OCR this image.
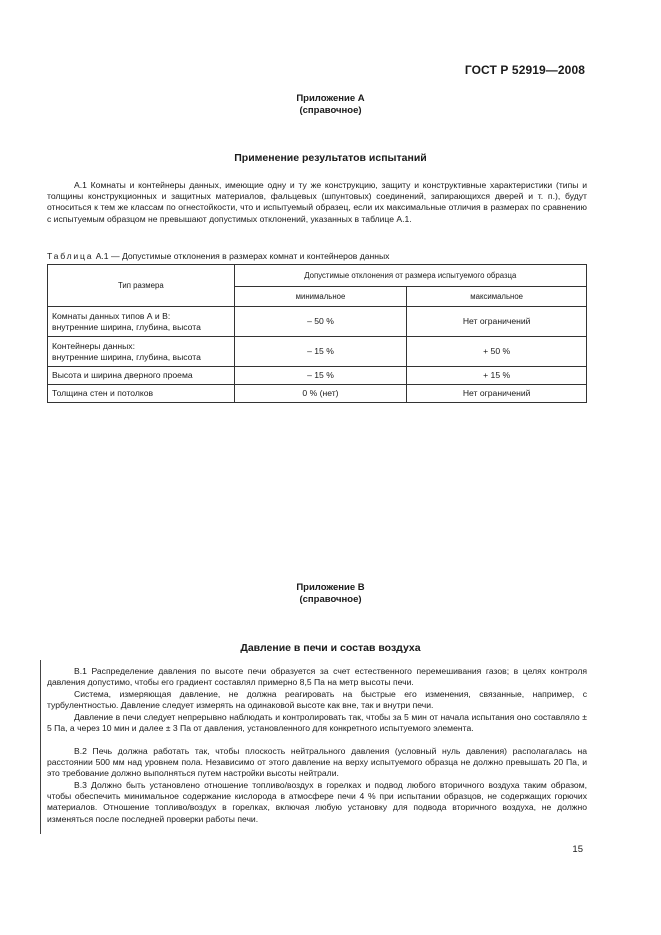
ГОСТ Р 52919—2008
Приложение А
(справочное)
Применение результатов испытаний

А.1 Комнаты и контейнеры данных, имеющие одну и ту же конструкцию, защиту и конструктивные характеристики (типы и толщины конструкционных и защитных материалов, фальцевых (шпунтовых) соединений, запирающихся дверей и т. п.), будут относиться к тем же классам по огнестойкости, что и испытуемый образец, если их максимальные отличия в размерах по сравнению с испытуемым образцом не превышают допустимых отклонений, указанных в таблице А.1.

Таблица А.1 — Допустимые отклонения в размерах комнат и контейнеров данных
Тип размера	Допустимые отклонения от размера испытуемого образца	
	минимальное	максимальное

Комнаты данных типов А и В:
внутренние ширина, глубина, высота	– 50 %	Нет ограничений

Контейнеры данных:
внутренние ширина, глубина, высота	– 15 %	+ 50 %
Высота и ширина дверного проема	– 15 %	+ 15 %
Толщина стен и потолков	0 % (нет)	Нет ограничений
Приложение В
(справочное)
Давление в печи и состав воздуха

В.1 Распределение давления по высоте печи образуется за счет естественного перемешивания газов; в целях контроля давления допустимо, чтобы его градиент составлял примерно 8,5 Па на метр высоты печи.

Система, измеряющая давление, не должна реагировать на быстрые его изменения, связанные, например, с турбулентностью. Давление следует измерять на одинаковой высоте как вне, так и внутри печи.

Давление в печи следует непрерывно наблюдать и контролировать так, чтобы за 5 мин от начала испытания оно составляло ± 5 Па, а через 10 мин и далее ± 3 Па от давления, установленного для конкретного испытуемого элемента.

В.2 Печь должна работать так, чтобы плоскость нейтрального давления (условный нуль давления) располагалась на расстоянии 500 мм над уровнем пола. Независимо от этого давление на верху испытуемого образца не должно превышать 20 Па, и это требование должно выполняться путем настройки высоты нейтрали.

В.3 Должно быть установлено отношение топливо/воздух в горелках и подвод любого вторичного воздуха таким образом, чтобы обеспечить минимальное содержание кислорода в атмосфере печи 4 % при испытании образцов, не содержащих горючих материалов. Отношение топливо/воздух в горелках, включая любую установку для подвода вторичного воздуха, не должно изменяться после последней проверки работы печи.

15
